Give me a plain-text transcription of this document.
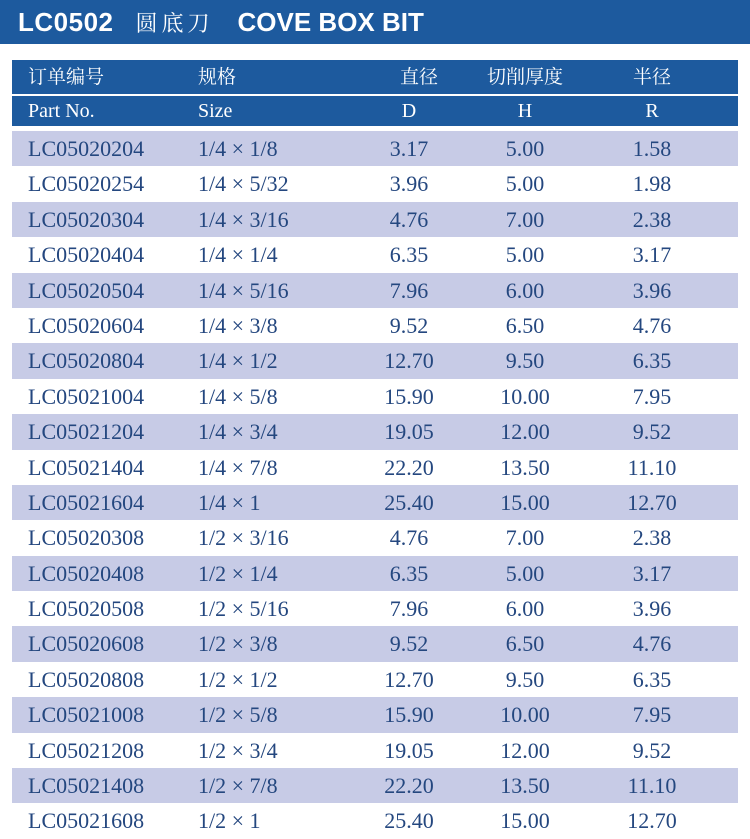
LC0502 圆底刀 COVE BOX BIT
订单编号	规格	直径	切削厚度	半径
Part No.	Size	D	H	R
LC05020204 1/4 × 1/8	3.17	5.00	1.58
LC05020254 1/4 × 5/32	3.96	5.00	1.98
LC05020304 1/4 × 3/16	4.76	7.00	2.38
LC05020404 1/4 × 1/4	6.35	5.00	3.17
LC05020504 1/4 × 5/16	7.96	6.00	3.96
LC05020604 1/4 × 3/8	9.52	6.50	4.76
LC05020804 1/4 × 1/2	12.70	9.50	6.35
LC05021004 1/4 × 5/8	15.90	10.00	7.95
LC05021204 1/4 × 3/4	19.05	12.00	9.52
LC05021404 1/4 × 7/8	22.20	13.50	11.10
LC05021604 1/4 × 1	25.40	15.00	12.70
LC05020308 1/2 × 3/16	4.76	7.00	2.38
LC05020408 1/2 × 1/4	6.35	5.00	3.17
LC05020508 1/2 × 5/16	7.96	6.00	3.96
LC05020608 1/2 × 3/8	9.52	6.50	4.76
LC05020808 1/2 × 1/2	12.70	9.50	6.35
LC05021008 1/2 × 5/8	15.90	10.00	7.95
LC05021208 1/2 × 3/4	19.05	12.00	9.52
LC05021408 1/2 × 7/8	22.20	13.50	11.10
LC05021608 1/2 × 1	25.40	15.00	12.70
